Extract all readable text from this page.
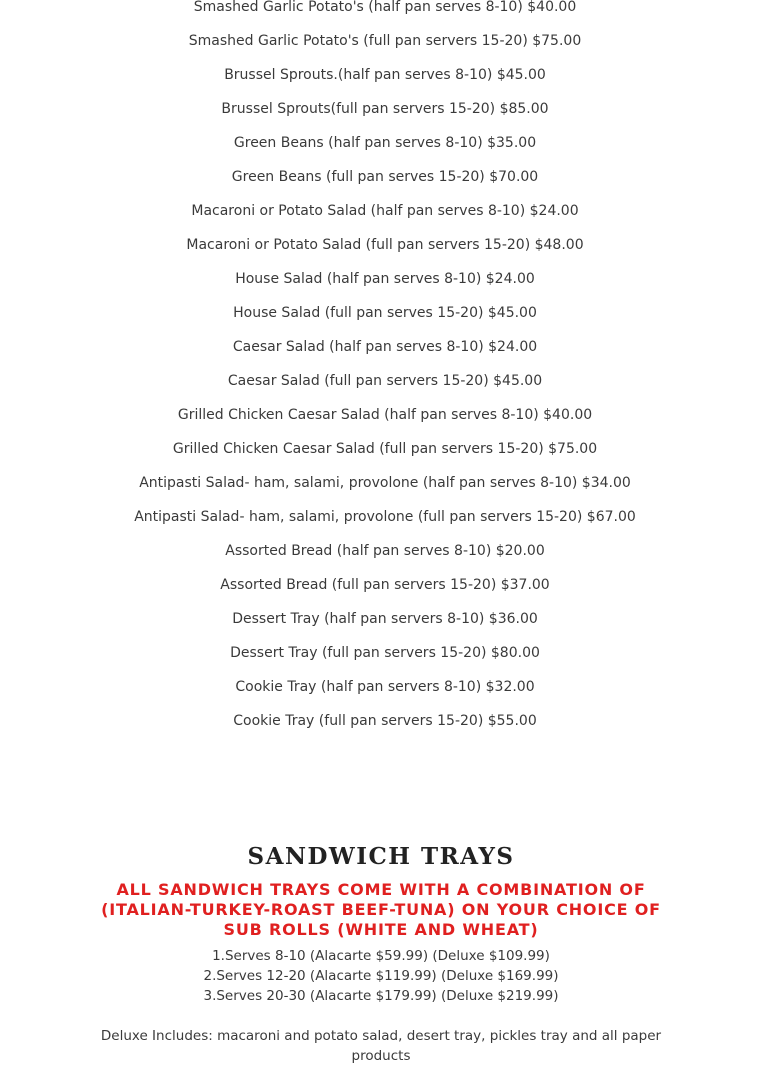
Smashed Garlic Potato's (half pan serves 8-10) $40.00
Smashed Garlic Potato's (full pan servers 15-20) $75.00
Brussel Sprouts.(half pan serves 8-10) $45.00
Brussel Sprouts(full pan servers 15-20) $85.00
Green Beans (half pan serves 8-10) $35.00
Green Beans (full pan serves 15-20) $70.00
Macaroni or Potato Salad (half pan serves 8-10) $24.00
Macaroni or Potato Salad (full pan servers 15-20) $48.00
House Salad (half pan serves 8-10) $24.00
House Salad (full pan serves 15-20) $45.00
Caesar Salad (half pan serves 8-10) $24.00
Caesar Salad (full pan servers 15-20) $45.00
Grilled Chicken Caesar Salad (half pan serves 8-10) $40.00
Grilled Chicken Caesar Salad (full pan servers 15-20) $75.00
Antipasti Salad- ham, salami, provolone (half pan serves 8-10) $34.00
Antipasti Salad- ham, salami, provolone (full pan servers 15-20) $67.00
Assorted Bread (half pan serves 8-10) $20.00
Assorted Bread (full pan servers 15-20) $37.00
Dessert Tray (half pan servers 8-10) $36.00
Dessert Tray (full pan servers 15-20) $80.00
Cookie Tray (half pan servers 8-10) $32.00
Cookie Tray (full pan servers 15-20) $55.00
SANDWICH TRAYS

ALL SANDWICH TRAYS COME WITH A COMBINATION OF (ITALIAN-TURKEY-ROAST BEEF-TUNA) ON YOUR CHOICE OF SUB ROLLS (WHITE AND WHEAT)

1.Serves 8-10 (Alacarte $59.99) (Deluxe $109.99)
2.Serves 12-20 (Alacarte $119.99) (Deluxe $169.99)
3.Serves 20-30 (Alacarte $179.99) (Deluxe $219.99)

Deluxe Includes: macaroni and potato salad, desert tray, pickles tray and all paper products
